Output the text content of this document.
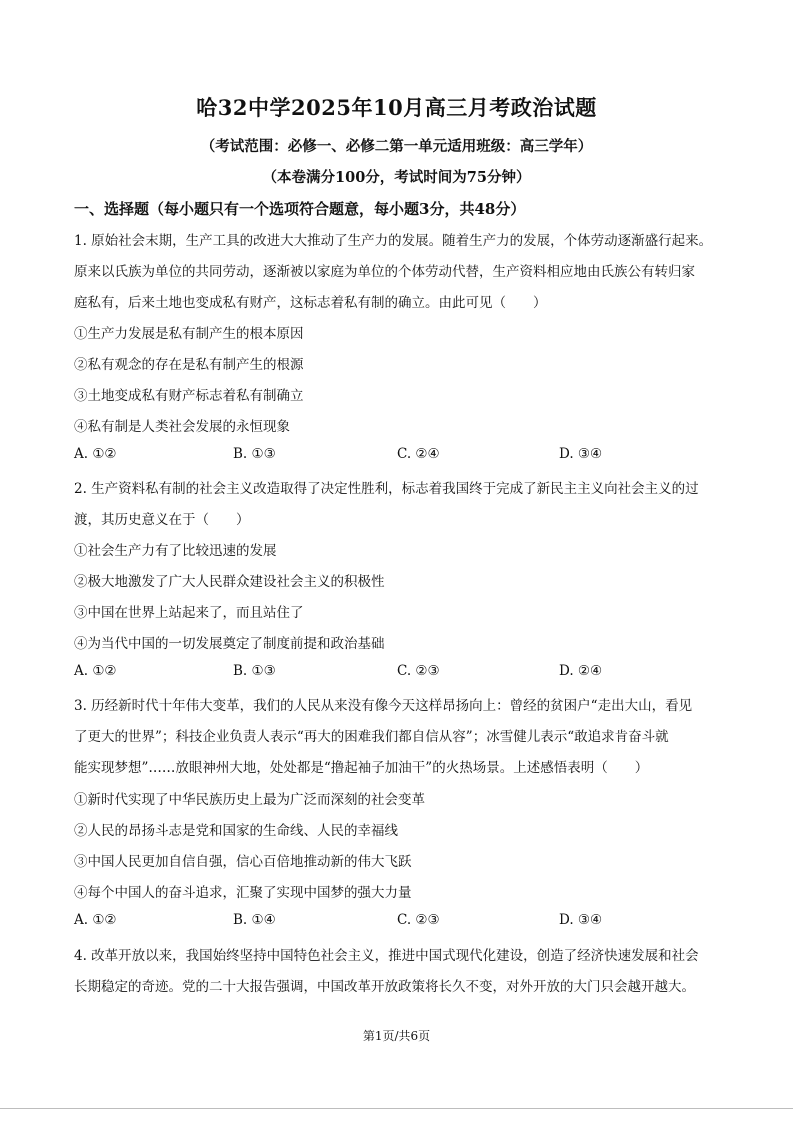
哈32中学2025年10月高三月考政治试题
（考试范围：必修一、必修二第一单元适用班级：高三学年）
（本卷满分100分，考试时间为75分钟）
一、选择题（每小题只有一个选项符合题意，每小题3分，共48分）
1. 原始社会末期，生产工具的改进大大推动了生产力的发展。随着生产力的发展，个体劳动逐渐盛行起来。
原来以氏族为单位的共同劳动，逐渐被以家庭为单位的个体劳动代替，生产资料相应地由氏族公有转归家
庭私有，后来土地也变成私有财产，这标志着私有制的确立。由此可见（　　）
①生产力发展是私有制产生的根本原因
②私有观念的存在是私有制产生的根源
③土地变成私有财产标志着私有制确立
④私有制是人类社会发展的永恒现象
A. ①②	B. ①③	C. ②④	D. ③④
2. 生产资料私有制的社会主义改造取得了决定性胜利，标志着我国终于完成了新民主主义向社会主义的过
渡，其历史意义在于（　　）
①社会生产力有了比较迅速的发展
②极大地激发了广大人民群众建设社会主义的积极性
③中国在世界上站起来了，而且站住了
④为当代中国的一切发展奠定了制度前提和政治基础
A. ①②	B. ①③	C. ②③	D. ②④
3. 历经新时代十年伟大变革，我们的人民从来没有像今天这样昂扬向上：曾经的贫困户“走出大山，看见
了更大的世界”；科技企业负责人表示“再大的困难我们都自信从容”；冰雪健儿表示“敢追求肯奋斗就
能实现梦想”……放眼神州大地，处处都是“撸起袖子加油干”的火热场景。上述感悟表明（　　）
①新时代实现了中华民族历史上最为广泛而深刻的社会变革
②人民的昂扬斗志是党和国家的生命线、人民的幸福线
③中国人民更加自信自强，信心百倍地推动新的伟大飞跃
④每个中国人的奋斗追求，汇聚了实现中国梦的强大力量
A. ①②	B. ①④	C. ②③	D. ③④
4. 改革开放以来，我国始终坚持中国特色社会主义，推进中国式现代化建设，创造了经济快速发展和社会
长期稳定的奇迹。党的二十大报告强调，中国改革开放政策将长久不变，对外开放的大门只会越开越大。
第1页/共6页
